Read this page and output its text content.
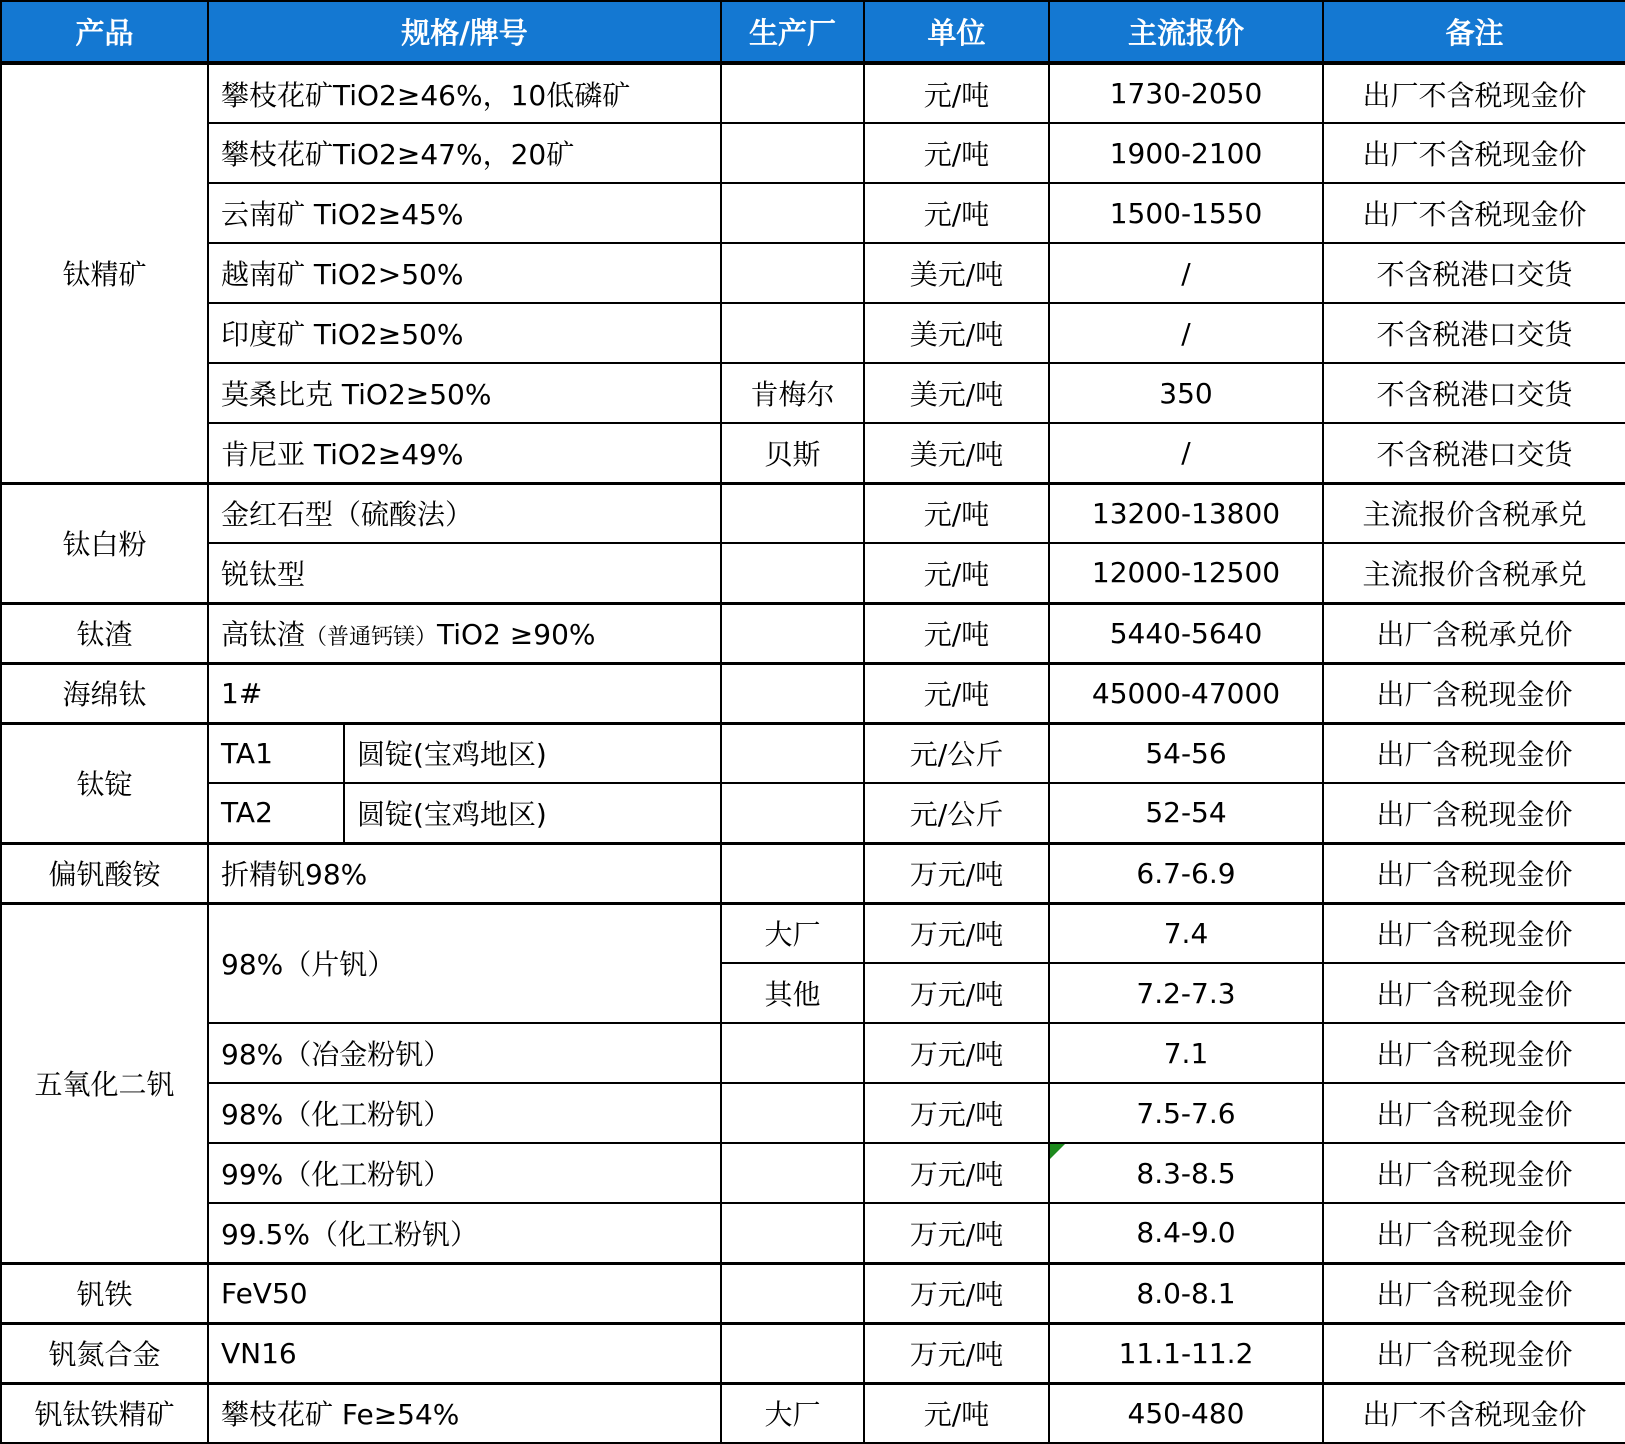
产品	规格/牌号		生产厂	单位	主流报价	备注
钛精矿	攀枝花矿TiO2≥46%，10低磷矿			元/吨	1730-2050	出厂不含税现金价
	攀枝花矿TiO2≥47%，20矿			元/吨	1900-2100	出厂不含税现金价
	云南矿 TiO2≥45%			元/吨	1500-1550	出厂不含税现金价
	越南矿 TiO2>50%			美元/吨	/	不含税港口交货
	印度矿 TiO2≥50%			美元/吨	/	不含税港口交货
	莫桑比克 TiO2≥50%		肯梅尔	美元/吨	350	不含税港口交货
	肯尼亚 TiO2≥49%		贝斯	美元/吨	/	不含税港口交货
钛白粉	金红石型（硫酸法）			元/吨	13200-13800	主流报价含税承兑
	锐钛型			元/吨	12000-12500	主流报价含税承兑
钛渣	高钛渣（普通钙镁）TiO2 ≥90%			元/吨	5440-5640	出厂含税承兑价
海绵钛	1#			元/吨	45000-47000	出厂含税现金价
钛锭	TA1	圆锭(宝鸡地区)		元/公斤	54-56	出厂含税现金价
	TA2	圆锭(宝鸡地区)		元/公斤	52-54	出厂含税现金价
偏钒酸铵	折精钒98%			万元/吨	6.7-6.9	出厂含税现金价
五氧化二钒	98%（片钒）		大厂	万元/吨	7.4	出厂含税现金价
			其他	万元/吨	7.2-7.3	出厂含税现金价
	98%（冶金粉钒）			万元/吨	7.1	出厂含税现金价
	98%（化工粉钒）			万元/吨	7.5-7.6	出厂含税现金价
	99%（化工粉钒）			万元/吨	8.3-8.5	出厂含税现金价
	99.5%（化工粉钒）			万元/吨	8.4-9.0	出厂含税现金价
钒铁	FeV50			万元/吨	8.0-8.1	出厂含税现金价
钒氮合金	VN16			万元/吨	11.1-11.2	出厂含税现金价
钒钛铁精矿	攀枝花矿 Fe≥54%		大厂	元/吨	450-480	出厂不含税现金价
